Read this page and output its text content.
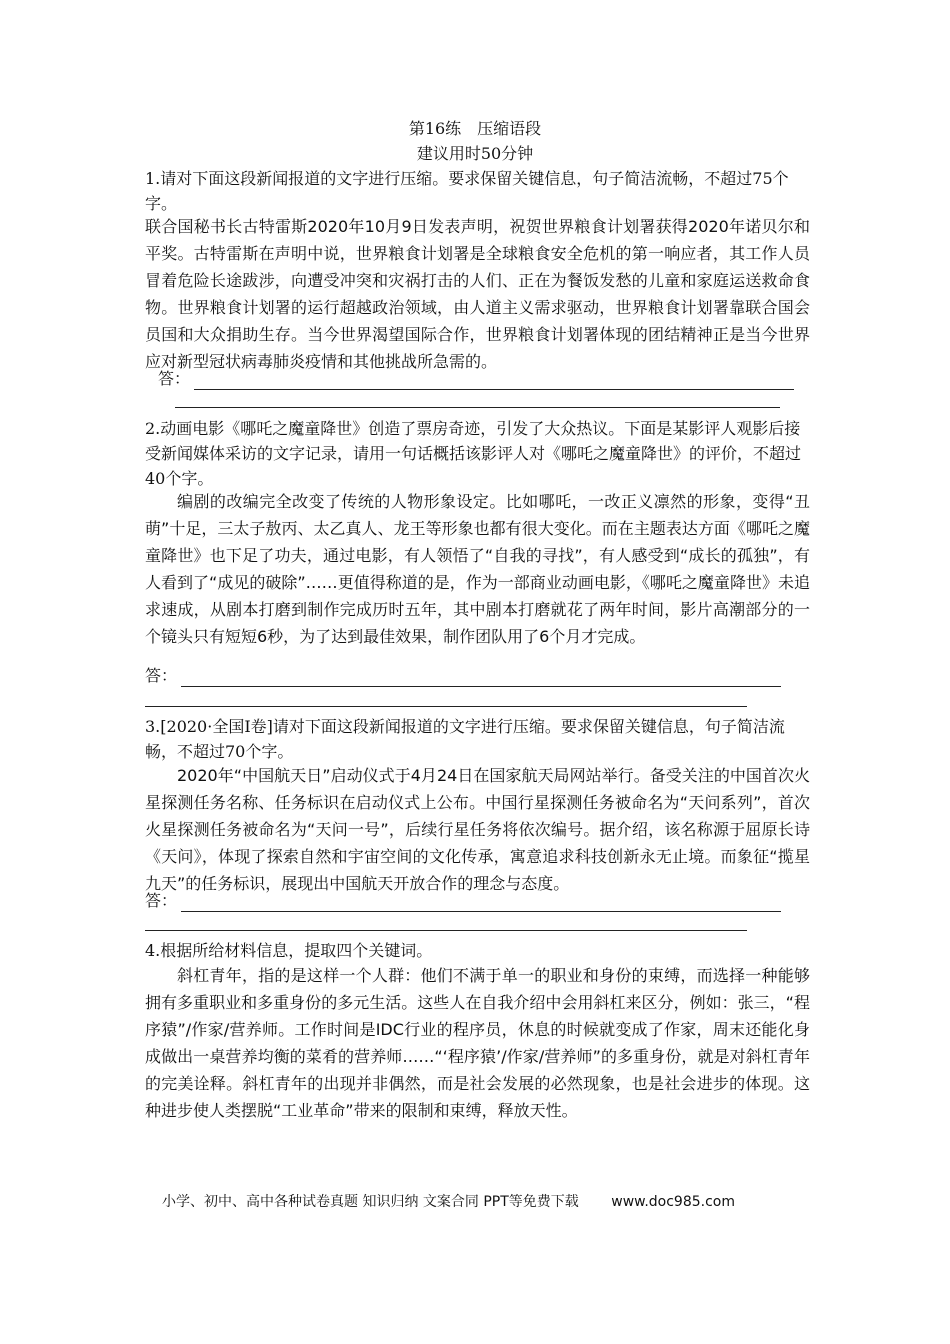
第16练　压缩语段
建议用时50分钟

1.请对下面这段新闻报道的文字进行压缩。要求保留关键信息，句子简洁流畅，不超过75个字。

联合国秘书长古特雷斯2020年10月9日发表声明，祝贺世界粮食计划署获得2020年诺贝尔和平奖。古特雷斯在声明中说，世界粮食计划署是全球粮食安全危机的第一响应者，其工作人员冒着危险长途跋涉，向遭受冲突和灾祸打击的人们、正在为餐饭发愁的儿童和家庭运送救命食物。世界粮食计划署的运行超越政治领域，由人道主义需求驱动，世界粮食计划署靠联合国会员国和大众捐助生存。当今世界渴望国际合作，世界粮食计划署体现的团结精神正是当今世界应对新型冠状病毒肺炎疫情和其他挑战所急需的。

答：

2.动画电影《哪吒之魔童降世》创造了票房奇迹，引发了大众热议。下面是某影评人观影后接受新闻媒体采访的文字记录，请用一句话概括该影评人对《哪吒之魔童降世》的评价，不超过40个字。

编剧的改编完全改变了传统的人物形象设定。比如哪吒，一改正义凛然的形象，变得“丑萌”十足，三太子敖丙、太乙真人、龙王等形象也都有很大变化。而在主题表达方面《哪吒之魔童降世》也下足了功夫，通过电影，有人领悟了“自我的寻找”，有人感受到“成长的孤独”，有人看到了“成见的破除”……更值得称道的是，作为一部商业动画电影，《哪吒之魔童降世》未追求速成，从剧本打磨到制作完成历时五年，其中剧本打磨就花了两年时间，影片高潮部分的一个镜头只有短短6秒，为了达到最佳效果，制作团队用了6个月才完成。

答：

3.[2020·全国Ⅰ卷]请对下面这段新闻报道的文字进行压缩。要求保留关键信息，句子简洁流畅，不超过70个字。

2020年“中国航天日”启动仪式于4月24日在国家航天局网站举行。备受关注的中国首次火星探测任务名称、任务标识在启动仪式上公布。中国行星探测任务被命名为“天问系列”，首次火星探测任务被命名为“天问一号”，后续行星任务将依次编号。据介绍，该名称源于屈原长诗《天问》，体现了探索自然和宇宙空间的文化传承，寓意追求科技创新永无止境。而象征“揽星九天”的任务标识，展现出中国航天开放合作的理念与态度。

答：

4.根据所给材料信息，提取四个关键词。

斜杠青年，指的是这样一个人群：他们不满于单一的职业和身份的束缚，而选择一种能够拥有多重职业和多重身份的多元生活。这些人在自我介绍中会用斜杠来区分，例如：张三，“程序猿”/作家/营养师。工作时间是IDC行业的程序员，休息的时候就变成了作家，周末还能化身成做出一桌营养均衡的菜肴的营养师……“‘程序猿’/作家/营养师”的多重身份，就是对斜杠青年的完美诠释。斜杠青年的出现并非偶然，而是社会发展的必然现象，也是社会进步的体现。这种进步使人类摆脱“工业革命”带来的限制和束缚，释放天性。

小学、初中、高中各种试卷真题 知识归纳 文案合同 PPT等免费下载 www.doc985.com
